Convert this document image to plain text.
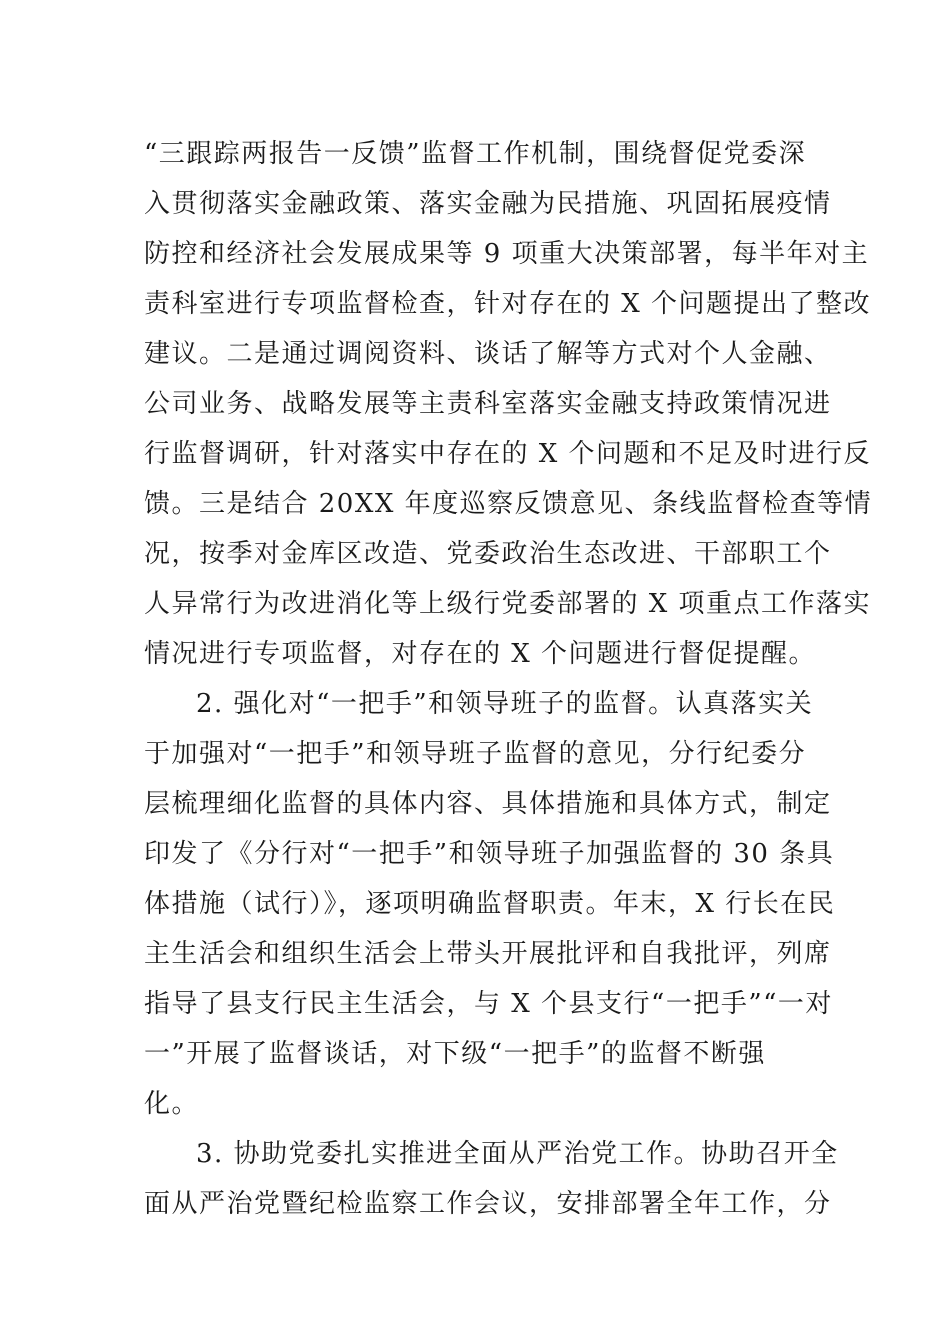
“三跟踪两报告一反馈”监督工作机制，围绕督促党委深
入贯彻落实金融政策、落实金融为民措施、巩固拓展疫情
防控和经济社会发展成果等 9 项重大决策部署，每半年对主
责科室进行专项监督检查，针对存在的 X 个问题提出了整改
建议。二是通过调阅资料、谈话了解等方式对个人金融、
公司业务、战略发展等主责科室落实金融支持政策情况进
行监督调研，针对落实中存在的 X 个问题和不足及时进行反
馈。三是结合 20XX 年度巡察反馈意见、条线监督检查等情
况，按季对金库区改造、党委政治生态改进、干部职工个
人异常行为改进消化等上级行党委部署的 X 项重点工作落实
情况进行专项监督，对存在的 X 个问题进行督促提醒。
2. 强化对“一把手”和领导班子的监督。认真落实关
于加强对“一把手”和领导班子监督的意见，分行纪委分
层梳理细化监督的具体内容、具体措施和具体方式，制定
印发了《分行对“一把手”和领导班子加强监督的 30 条具
体措施（试行）》，逐项明确监督职责。年末，X 行长在民
主生活会和组织生活会上带头开展批评和自我批评，列席
指导了县支行民主生活会，与 X 个县支行“一把手”“一对
一”开展了监督谈话，对下级“一把手”的监督不断强
化。
3. 协助党委扎实推进全面从严治党工作。协助召开全
面从严治党暨纪检监察工作会议，安排部署全年工作，分
